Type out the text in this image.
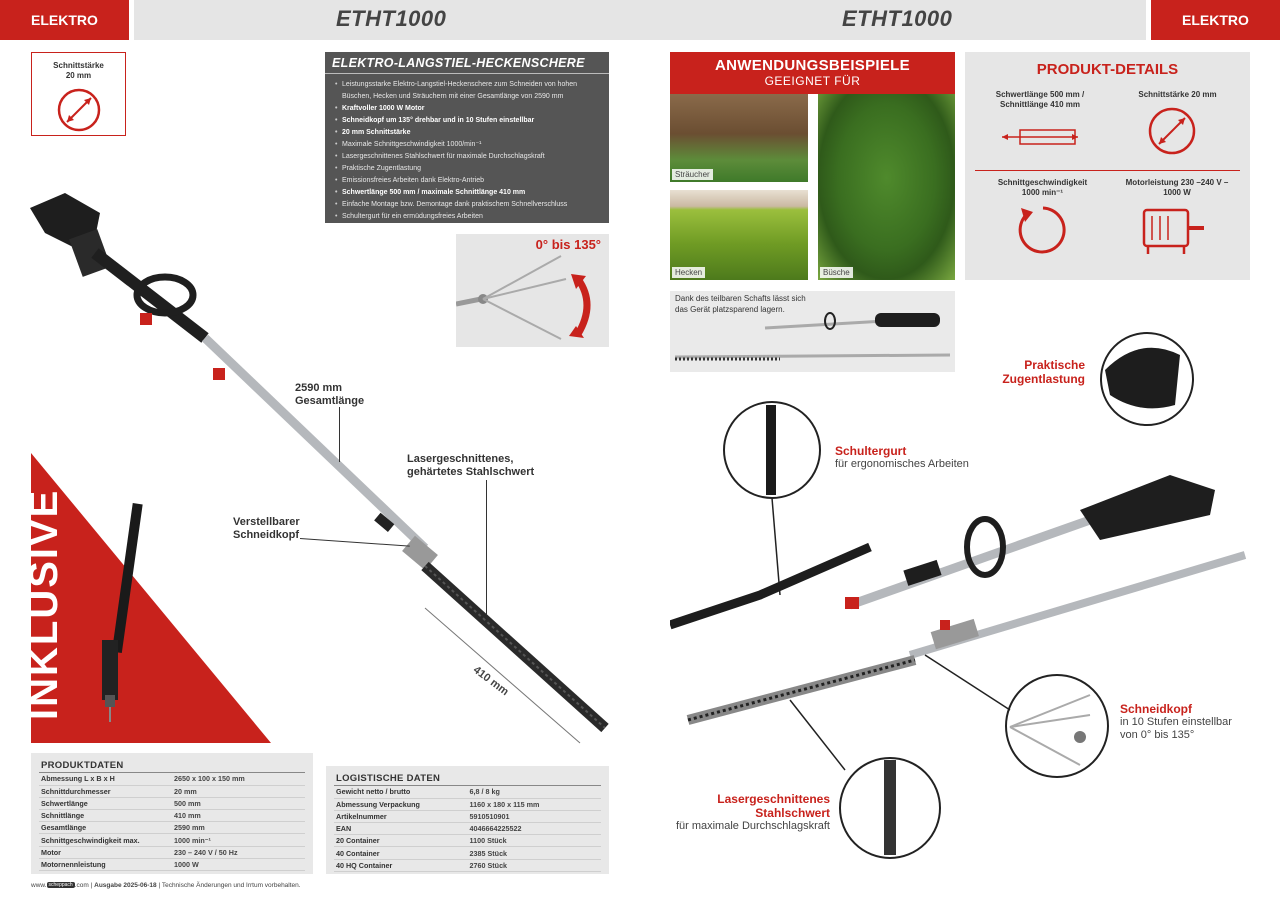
ELEKTRO	ETHT1000	ETHT1000	ELEKTRO
Schnittstärke
20 mm
ELEKTRO-LANGSTIEL-HECKENSCHERE
• Leistungsstarke Elektro-Langstiel-Heckenschere zum Schneiden von hohen Büschen, Hecken und Sträuchern mit einer Gesamtlänge von 2590 mm
• Kraftvoller 1000 W Motor
• Schneidkopf um 135° drehbar und in 10 Stufen einstellbar
• 20 mm Schnittstärke
• Maximale Schnittgeschwindigkeit 1000/min⁻¹
• Lasergeschnittenes Stahlschwert für maximale Durchschlagskraft
• Praktische Zugentlastung
• Emissionsfreies Arbeiten dank Elektro-Antrieb
• Schwertlänge 500 mm / maximale Schnittlänge 410 mm
• Einfache Montage bzw. Demontage dank praktischem Schnellverschluss
• Schultergurt für ein ermüdungsfreies Arbeiten
0° bis 135°
INKLUSIVE
2590 mm
Gesamtlänge
Lasergeschnittenes,
gehärtetes Stahlschwert
Verstellbarer
Schneidkopf
410 mm
PRODUKTDATEN
Abmessung L x B x H	2650 x 100 x 150 mm
Schnittdurchmesser	20 mm
Schwertlänge	500 mm
Schnittlänge	410 mm
Gesamtlänge	2590 mm
Schnittgeschwindigkeit max.	1000 min⁻¹
Motor	230 – 240 V / 50 Hz
Motornennleistung	1000 W
LOGISTISCHE DATEN
Gewicht netto / brutto	6,8 / 8 kg
Abmessung Verpackung	1160 x 180 x 115 mm
Artikelnummer	5910510901
EAN	4046664225522
20 Container	1100 Stück
40 Container	2385 Stück
40 HQ Container	2760 Stück
www. scheppach .com | Ausgabe 2025-06-18 | Technische Änderungen und Irrtum vorbehalten.
ANWENDUNGSBEISPIELE
GEEIGNET FÜR
Sträucher
Hecken	Büsche
Dank des teilbaren Schafts lässt sich das Gerät platzsparend lagern.
PRODUKT-DETAILS
Schwertlänge 500 mm /
Schnittlänge 410 mm
Schnittstärke 20 mm
Schnittgeschwindigkeit
1000 min⁻¹
Motorleistung 230 –240 V –
1000 W
Praktische
Zugentlastung
Schultergurt
für ergonomisches Arbeiten
Schneidkopf
in 10 Stufen einstellbar
von 0° bis 135°
Lasergeschnittenes
Stahlschwert
für maximale Durchschlagskraft
